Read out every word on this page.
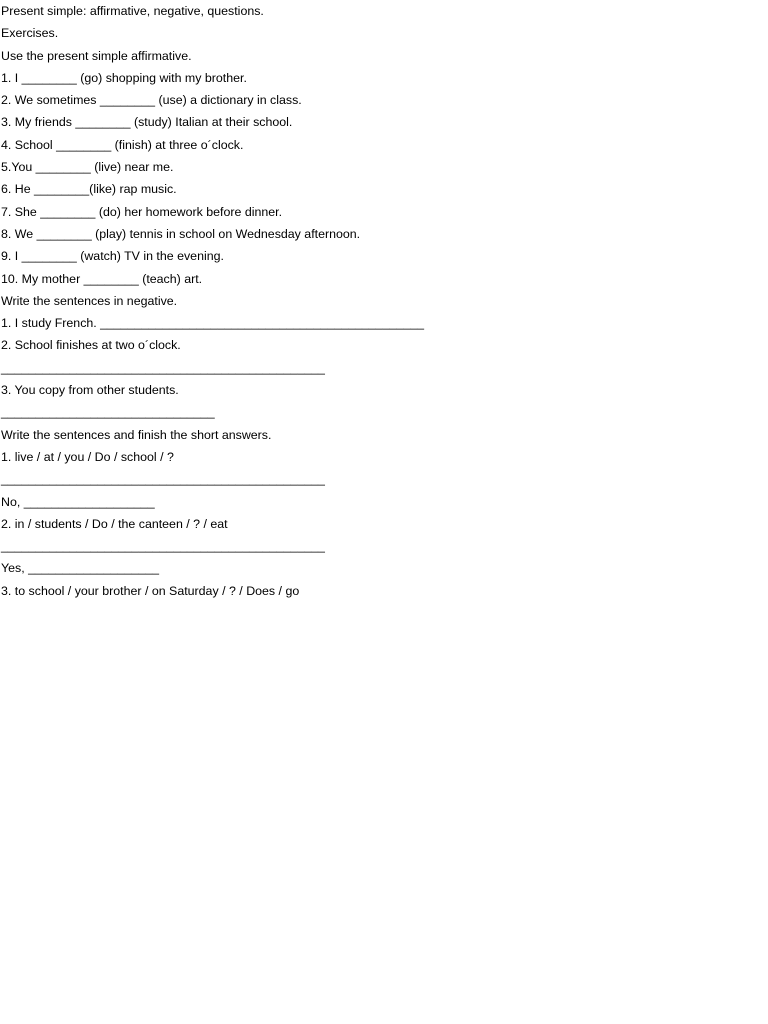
Present simple: affirmative, negative, questions.

Exercises.

Use the present simple affirmative.

1. I ________ (go) shopping with my brother.

2. We sometimes ________ (use) a dictionary in class.

3. My friends ________ (study) Italian at their school.

4. School ________ (finish) at three o´clock.

5.You ________ (live) near me.

6. He ________(like) rap music.

7. She ________ (do) her homework before dinner.

8. We ________ (play) tennis in school on Wednesday afternoon.

9. I ________ (watch) TV in the evening.

10. My mother ________ (teach) art.

Write the sentences in negative.

1. I study French. _______________________________________________

2. School finishes at two o´clock.

_______________________________________________

3. You copy from other students.

_______________________________

Write the sentences and finish the short answers.

1. live / at / you / Do / school / ?

_______________________________________________

No, ___________________

2. in / students / Do / the canteen / ? / eat

_______________________________________________

Yes, ___________________

3. to school / your brother / on Saturday / ? / Does / go
